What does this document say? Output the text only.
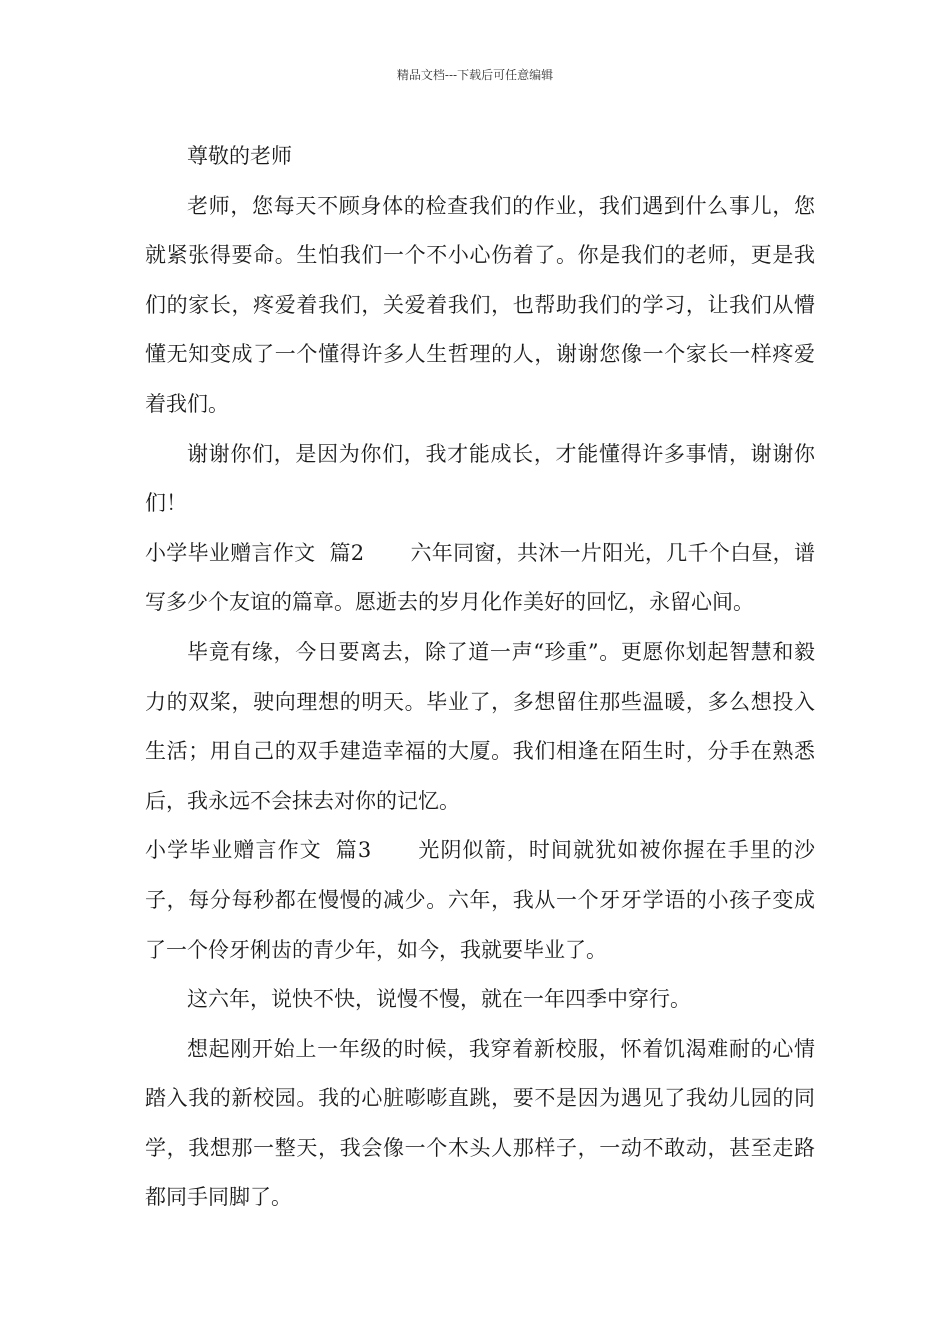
精品文档---下载后可任意编辑

尊敬的老师

老师，您每天不顾身体的检查我们的作业，我们遇到什么事儿，您就紧张得要命。生怕我们一个不小心伤着了。你是我们的老师，更是我们的家长，疼爱着我们，关爱着我们，也帮助我们的学习，让我们从懵懂无知变成了一个懂得许多人生哲理的人，谢谢您像一个家长一样疼爱着我们。

谢谢你们，是因为你们，我才能成长，才能懂得许多事情，谢谢你们！

小学毕业赠言作文 篇2 六年同窗，共沐一片阳光，几千个白昼，谱写多少个友谊的篇章。愿逝去的岁月化作美好的回忆，永留心间。

毕竟有缘，今日要离去，除了道一声“珍重”。更愿你划起智慧和毅力的双桨，驶向理想的明天。毕业了，多想留住那些温暖，多么想投入生活；用自己的双手建造幸福的大厦。我们相逢在陌生时，分手在熟悉后，我永远不会抹去对你的记忆。

小学毕业赠言作文 篇3 光阴似箭，时间就犹如被你握在手里的沙子，每分每秒都在慢慢的减少。六年，我从一个牙牙学语的小孩子变成了一个伶牙俐齿的青少年，如今，我就要毕业了。

这六年，说快不快，说慢不慢，就在一年四季中穿行。

想起刚开始上一年级的时候，我穿着新校服，怀着饥渴难耐的心情踏入我的新校园。我的心脏嘭嘭直跳，要不是因为遇见了我幼儿园的同学，我想那一整天，我会像一个木头人那样子，一动不敢动，甚至走路都同手同脚了。
